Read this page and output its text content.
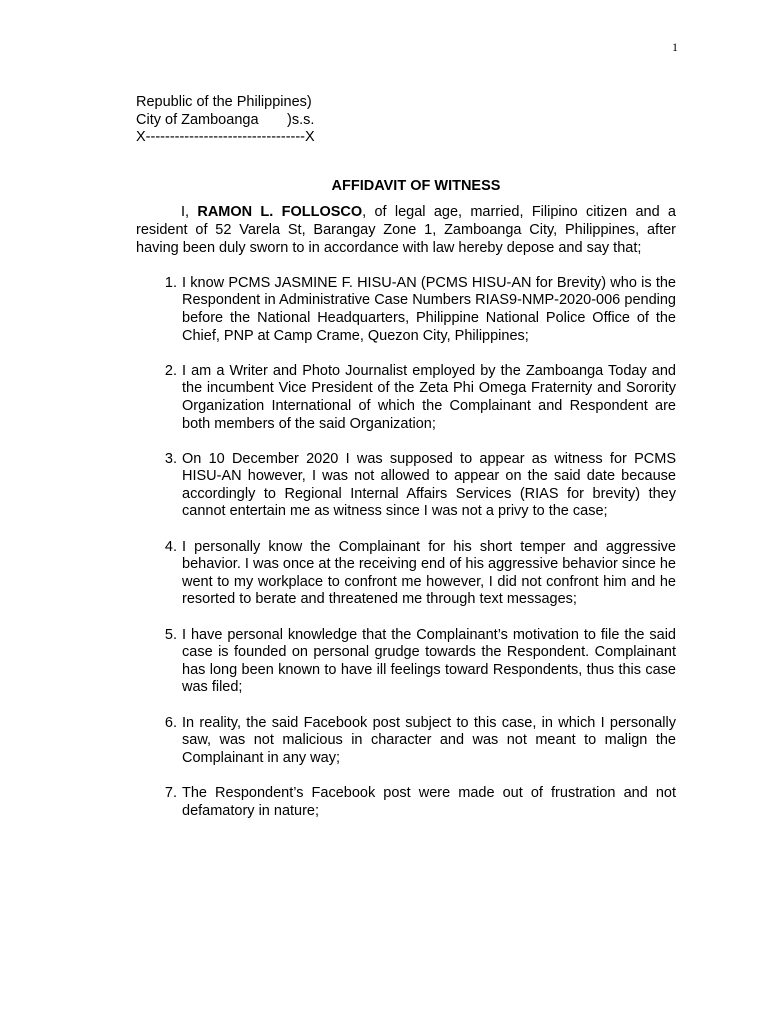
1
Republic of the Philippines)
City of Zamboanga	)s.s.
X---------------------------------X
AFFIDAVIT OF WITNESS

I, RAMON L. FOLLOSCO, of legal age, married, Filipino citizen and a resident of 52 Varela St, Barangay Zone 1, Zamboanga City, Philippines, after having been duly sworn to in accordance with law hereby depose and say that;

1. I know PCMS JASMINE F. HISU-AN (PCMS HISU-AN for Brevity) who is the Respondent in Administrative Case Numbers RIAS9-NMP-2020-006 pending before the National Headquarters, Philippine National Police Office of the Chief, PNP at Camp Crame, Quezon City, Philippines;
2. I am a Writer and Photo Journalist employed by the Zamboanga Today and the incumbent Vice President of the Zeta Phi Omega Fraternity and Sorority Organization International of which the Complainant and Respondent are both members of the said Organization;
3. On 10 December 2020 I was supposed to appear as witness for PCMS HISU-AN however, I was not allowed to appear on the said date because accordingly to Regional Internal Affairs Services (RIAS for brevity) they cannot entertain me as witness since I was not a privy to the case;
4. I personally know the Complainant for his short temper and aggressive behavior. I was once at the receiving end of his aggressive behavior since he went to my workplace to confront me however, I did not confront him and he resorted to berate and threatened me through text messages;
5. I have personal knowledge that the Complainant’s motivation to file the said case is founded on personal grudge towards the Respondent. Complainant has long been known to have ill feelings toward Respondents, thus this case was filed;
6. In reality, the said Facebook post subject to this case, in which I personally saw, was not malicious in character and was not meant to malign the Complainant in any way;
7. The Respondent’s Facebook post were made out of frustration and not defamatory in nature;
